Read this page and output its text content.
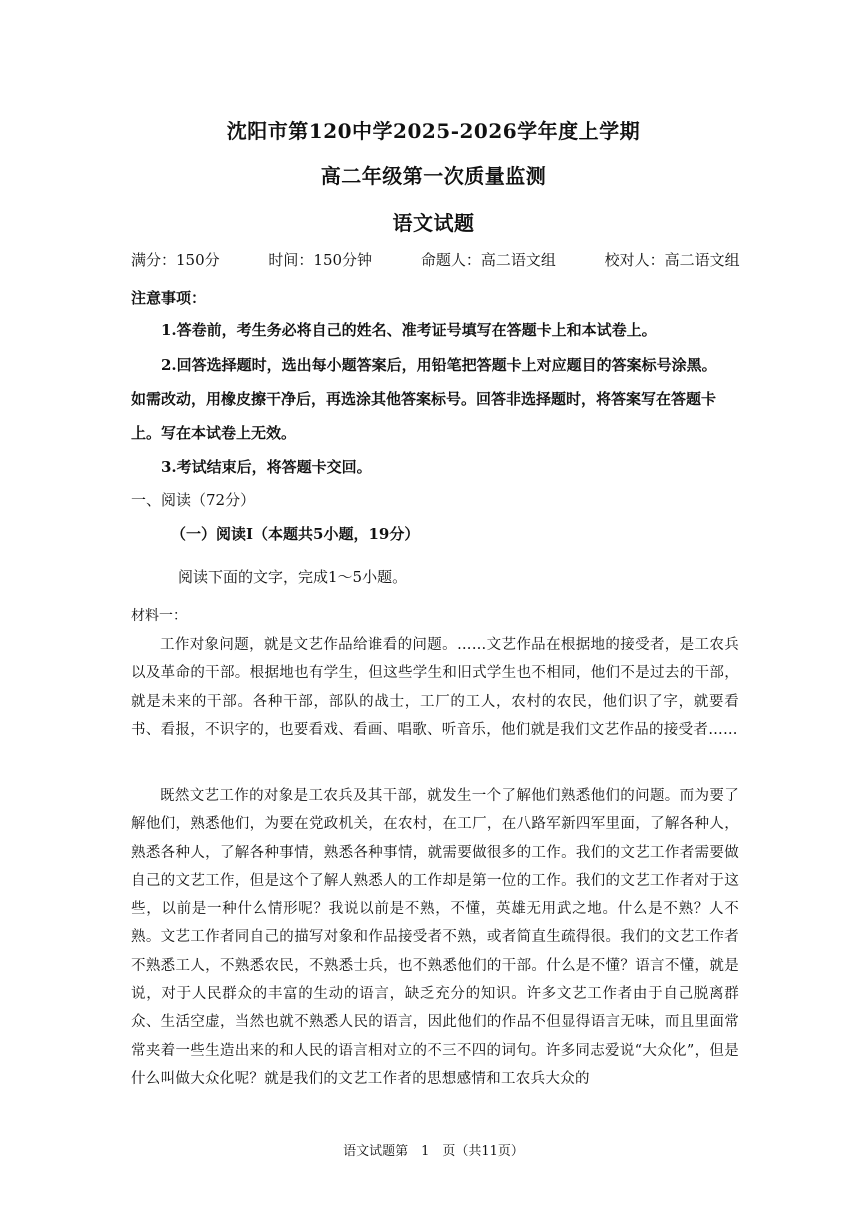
沈阳市第120中学2025-2026学年度上学期
高二年级第一次质量监测
语文试题
满分：150分	时间：150分钟	命题人：高二语文组	校对人：高二语文组
注意事项：
1.答卷前，考生务必将自己的姓名、准考证号填写在答题卡上和本试卷上。
2.回答选择题时，选出每小题答案后，用铅笔把答题卡上对应题目的答案标号涂黑。
如需改动，用橡皮擦干净后，再选涂其他答案标号。回答非选择题时，将答案写在答题卡
上。写在本试卷上无效。
3.考试结束后，将答题卡交回。
一、阅读（72分）
（一）阅读Ⅰ（本题共5小题，19分）
阅读下面的文字，完成1～5小题。
材料一：
工作对象问题，就是文艺作品给谁看的问题。……文艺作品在根据地的接受者，是工农兵以及革命的干部。根据地也有学生，但这些学生和旧式学生也不相同，他们不是过去的干部，就是未来的干部。各种干部，部队的战士，工厂的工人，农村的农民，他们识了字，就要看书、看报，不识字的，也要看戏、看画、唱歌、听音乐，他们就是我们文艺作品的接受者……
既然文艺工作的对象是工农兵及其干部，就发生一个了解他们熟悉他们的问题。而为要了解他们，熟悉他们，为要在党政机关，在农村，在工厂，在八路军新四军里面，了解各种人，熟悉各种人，了解各种事情，熟悉各种事情，就需要做很多的工作。我们的文艺工作者需要做自己的文艺工作，但是这个了解人熟悉人的工作却是第一位的工作。我们的文艺工作者对于这些，以前是一种什么情形呢？我说以前是不熟，不懂，英雄无用武之地。什么是不熟？人不熟。文艺工作者同自己的描写对象和作品接受者不熟，或者简直生疏得很。我们的文艺工作者不熟悉工人，不熟悉农民，不熟悉士兵，也不熟悉他们的干部。什么是不懂？语言不懂，就是说，对于人民群众的丰富的生动的语言，缺乏充分的知识。许多文艺工作者由于自己脱离群众、生活空虚，当然也就不熟悉人民的语言，因此他们的作品不但显得语言无味，而且里面常常夹着一些生造出来的和人民的语言相对立的不三不四的词句。许多同志爱说“大众化”，但是什么叫做大众化呢？就是我们的文艺工作者的思想感情和工农兵大众的
语文试题第　1　页（共11页）
